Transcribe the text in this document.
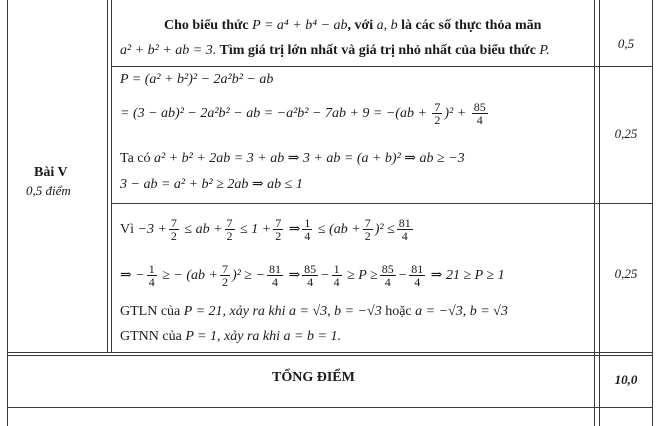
Bài V
0,5 điểm
Cho biểu thức P = a⁴ + b⁴ − ab, với a, b là các số thực thỏa mãn
a² + b² + ab = 3. Tìm giá trị lớn nhất và giá trị nhỏ nhất của biểu thức P.
P = (a² + b²)² − 2a²b² − ab
= (3 − ab)² − 2a²b² − ab = $-a^2b^2 - 7ab + 9 = -(ab + \frac{7}{2} )^2 + \frac{85}{4}$
Ta có a² + b² + 2ab = 3 + ab ⇒ 3 + ab = (a + b)² ⇒ ab ≥ −3
3 − ab = a² + b² ≥ 2ab ⇒ ab ≤ 1
Vì $-3 + \frac{7}{2}$ ≤ ab + $\frac{7}{2} \le 1 + \frac{7}{2}$ ⇒ $\frac{1}{4} \le (ab + \frac{7}{2} )^2 \le \frac{81}{4}$
⇒ − $\frac{1}{4}$ ≥ − $(ab + \frac{7}{2} )^2$ ≥ − $\frac{81}{4}$ ⇒ $\frac{85}{4} - \frac{1}{4} \ge P \ge \frac{85}{4} - \frac{81}{4}$ ⇒ 21 ≥ P ≥ 1
GTLN của P = 21, xảy ra khi a = √3, b = −√3 hoặc a = −√3, b = √3
GTNN của P = 1, xảy ra khi a = b = 1.
0,5
0,25
0,25
10,0
TỔNG ĐIỂM
